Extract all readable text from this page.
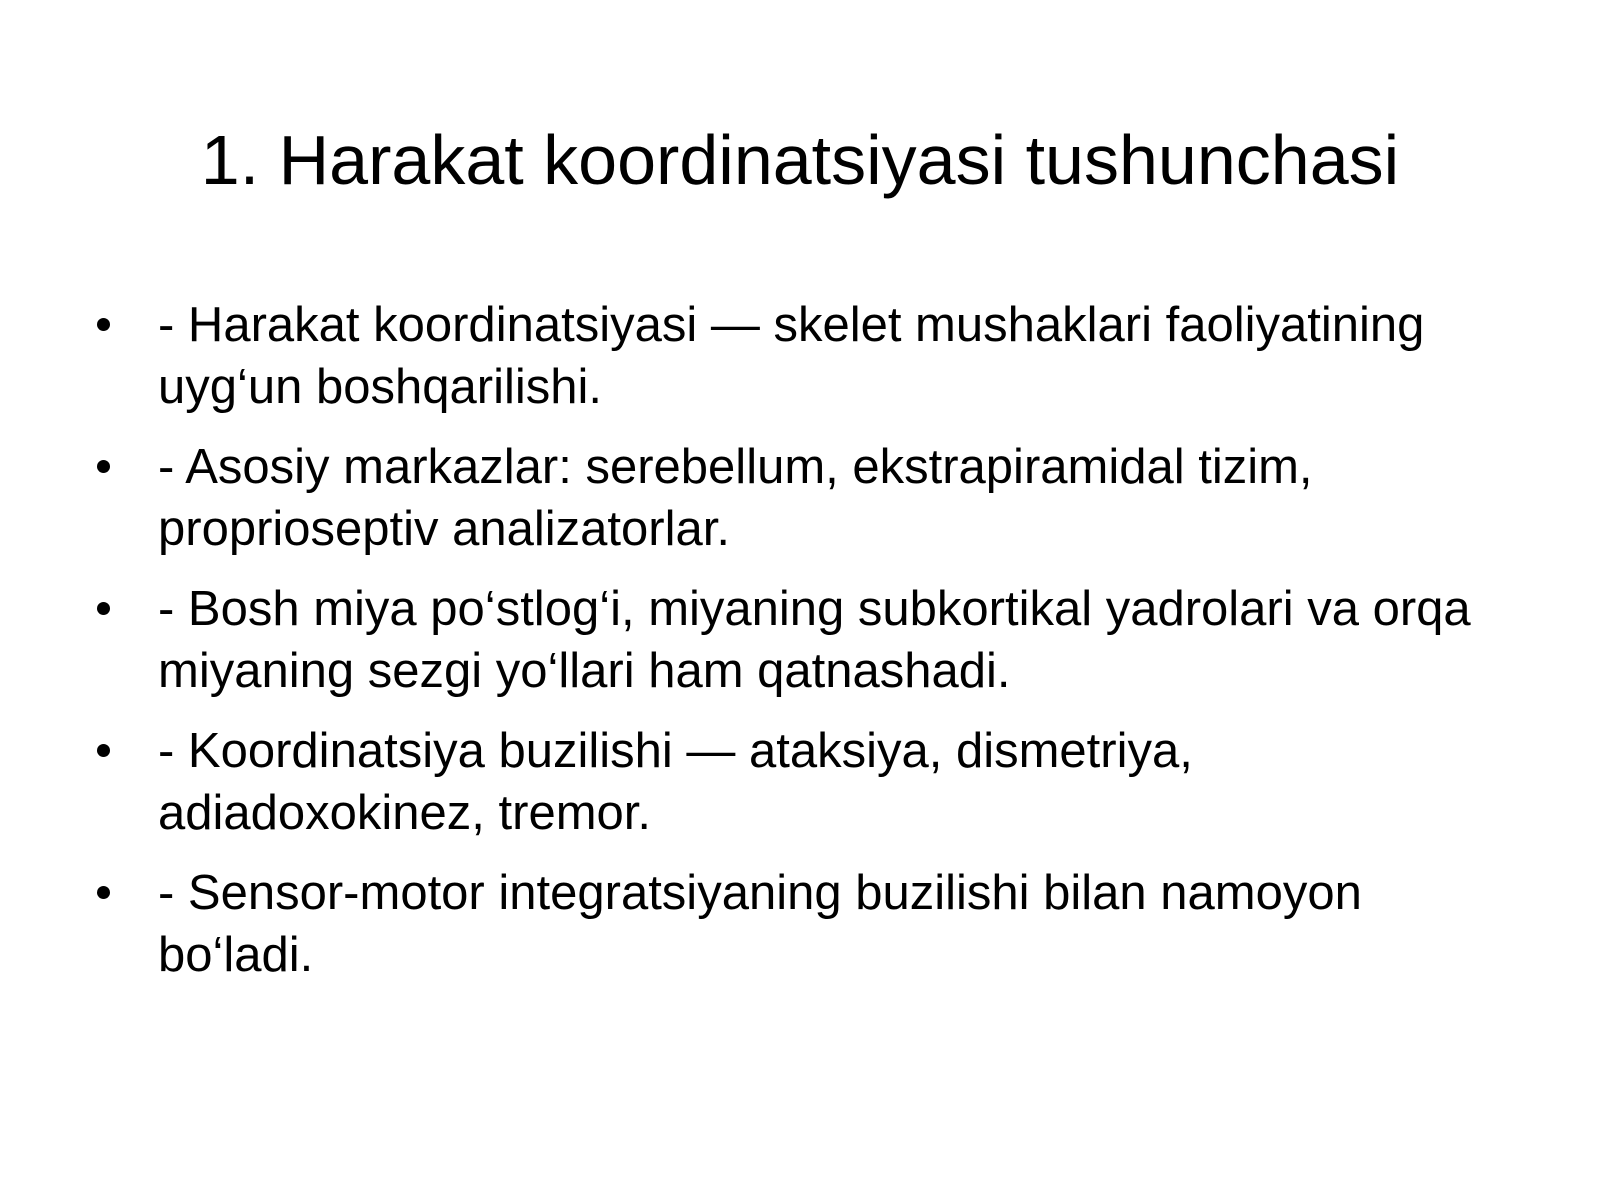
1. Harakat koordinatsiyasi tushunchasi
- Harakat koordinatsiyasi — skelet mushaklari faoliyatining uyg‘un boshqarilishi.
- Asosiy markazlar: serebellum, ekstrapiramidal tizim, proprioseptiv analizatorlar.
- Bosh miya po‘stlog‘i, miyaning subkortikal yadrolari va orqa miyaning sezgi yo‘llari ham qatnashadi.
- Koordinatsiya buzilishi — ataksiya, dismetriya, adiadoxokinez, tremor.
- Sensor-motor integratsiyaning buzilishi bilan namoyon bo‘ladi.
